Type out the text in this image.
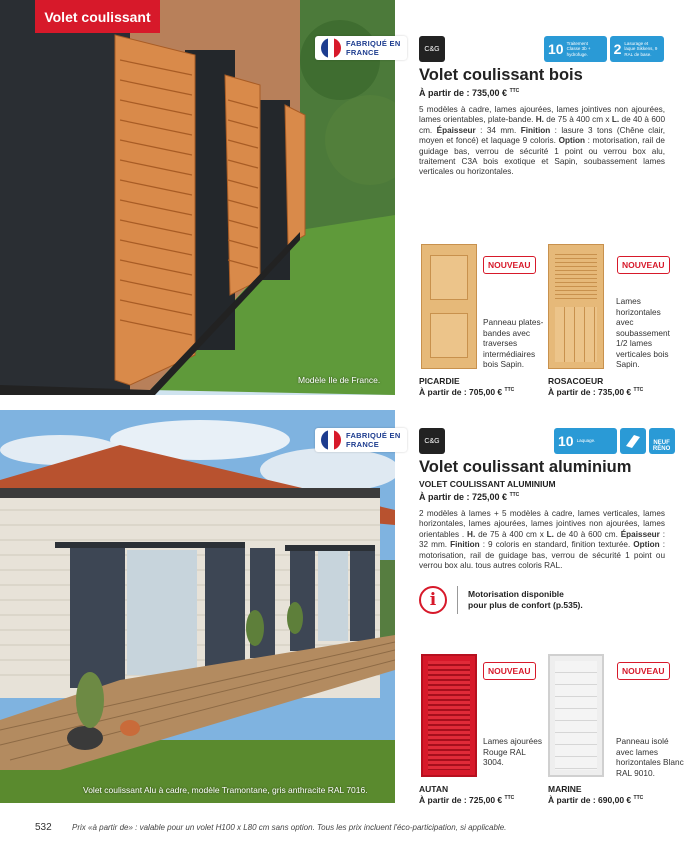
Volet coulissant
FABRIQUÉ EN
FRANCE
Modèle Ile de France.
FABRIQUÉ EN
FRANCE
Volet coulissant Alu à cadre, modèle Tramontane, gris anthracite RAL 7016.
C&G	10 Traitement Classe 3b + hydrofuge.	2 Lasurage et laque Sikkens, 9 RAL de base.
Volet coulissant bois
À partir de : 735,00 € $^{TTC}$
5 modèles à cadre, lames ajourées, lames jointives non ajourées, lames orientables, plate-bande. H. de 75 à 400 cm x L. de 40 à 600 cm. Épaisseur : 34 mm. Finition : lasure 3 tons (Chêne clair, moyen et foncé) et laquage 9 coloris. Option : motorisation, rail de guidage bas, verrou de sécurité 1 point ou verrou box alu, traitement C3A bois exotique et Sapin, soubassement lames verticales ou horizontales.
NOUVEAU
Panneau plates-bandes avec traverses intermédiaires bois Sapin.
PICARDIE
À partir de : 705,00 € $^{TTC}$
NOUVEAU
Lames horizontales avec soubassement 1/2 lames verticales bois Sapin.
ROSACOEUR
À partir de : 735,00 € $^{TTC}$
C&G	10 Laquage.	NEUF RÉNO
Volet coulissant aluminium
VOLET COULISSANT ALUMINIUM
À partir de : 725,00 € $^{TTC}$
2 modèles à lames + 5 modèles à cadre, lames verticales, lames horizontales, lames ajourées, lames jointives non ajourées, lames orientables . H. de 75 à 400 cm x L. de 40 à 600 cm. Épaisseur : 32 mm. Finition : 9 coloris en standard, finition texturée. Option : motorisation, rail de guidage bas, verrou de sécurité 1 point ou verrou box alu. tous autres coloris RAL.
i	Motorisation disponible
pour plus de confort (p.535).
NOUVEAU
Lames ajourées Rouge RAL 3004.
AUTAN
À partir de : 725,00 € $^{TTC}$
NOUVEAU
Panneau isolé avec lames horizontales Blanc RAL 9010.
MARINE
À partir de : 690,00 € $^{TTC}$
532	Prix «à partir de» : valable pour un volet H100 x L80 cm sans option. Tous les prix incluent l'éco-participation, si applicable.
